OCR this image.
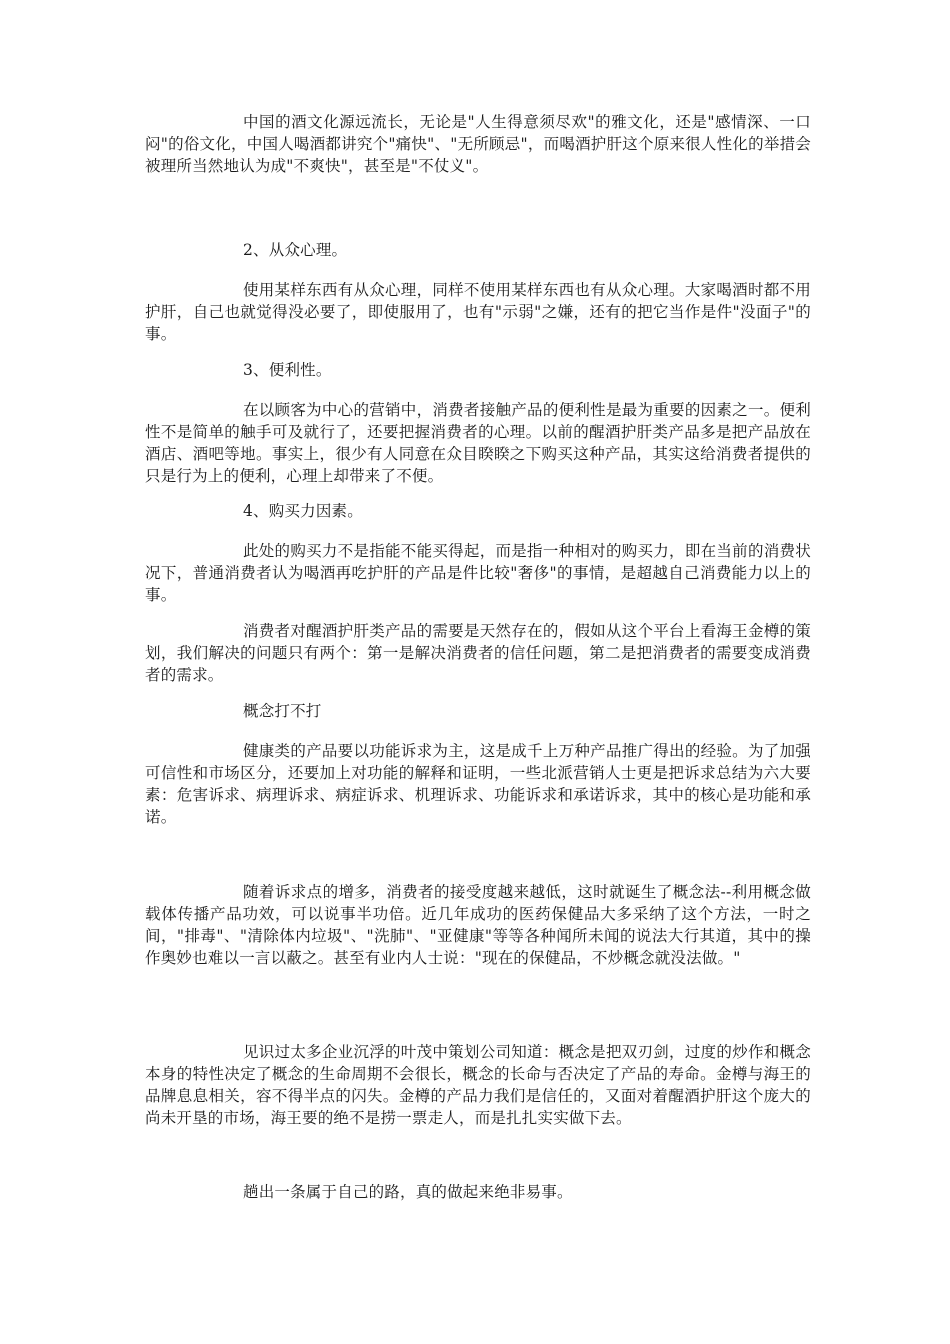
中国的酒文化源远流长，无论是"人生得意须尽欢"的雅文化，还是"感情深、一口闷"的俗文化，中国人喝酒都讲究个"痛快"、"无所顾忌"，而喝酒护肝这个原来很人性化的举措会被理所当然地认为成"不爽快"，甚至是"不仗义"。

2、从众心理。

使用某样东西有从众心理，同样不使用某样东西也有从众心理。大家喝酒时都不用护肝，自己也就觉得没必要了，即使服用了，也有"示弱"之嫌，还有的把它当作是件"没面子"的事。

3、便利性。

在以顾客为中心的营销中，消费者接触产品的便利性是最为重要的因素之一。便利性不是简单的触手可及就行了，还要把握消费者的心理。以前的醒酒护肝类产品多是把产品放在酒店、酒吧等地。事实上，很少有人同意在众目睽睽之下购买这种产品，其实这给消费者提供的只是行为上的便利，心理上却带来了不便。

4、购买力因素。

此处的购买力不是指能不能买得起，而是指一种相对的购买力，即在当前的消费状况下，普通消费者认为喝酒再吃护肝的产品是件比较"奢侈"的事情，是超越自己消费能力以上的事。

消费者对醒酒护肝类产品的需要是天然存在的，假如从这个平台上看海王金樽的策划，我们解决的问题只有两个：第一是解决消费者的信任问题，第二是把消费者的需要变成消费者的需求。

概念打不打

健康类的产品要以功能诉求为主，这是成千上万种产品推广得出的经验。为了加强可信性和市场区分，还要加上对功能的解释和证明，一些北派营销人士更是把诉求总结为六大要素：危害诉求、病理诉求、病症诉求、机理诉求、功能诉求和承诺诉求，其中的核心是功能和承诺。

随着诉求点的增多，消费者的接受度越来越低，这时就诞生了概念法--利用概念做载体传播产品功效，可以说事半功倍。近几年成功的医药保健品大多采纳了这个方法，一时之间，"排毒"、"清除体内垃圾"、"洗肺"、"亚健康"等等各种闻所未闻的说法大行其道，其中的操作奥妙也难以一言以蔽之。甚至有业内人士说："现在的保健品，不炒概念就没法做。"

见识过太多企业沉浮的叶茂中策划公司知道：概念是把双刃剑，过度的炒作和概念本身的特性决定了概念的生命周期不会很长，概念的长命与否决定了产品的寿命。金樽与海王的品牌息息相关，容不得半点的闪失。金樽的产品力我们是信任的，又面对着醒酒护肝这个庞大的尚未开垦的市场，海王要的绝不是捞一票走人，而是扎扎实实做下去。

趟出一条属于自己的路，真的做起来绝非易事。
